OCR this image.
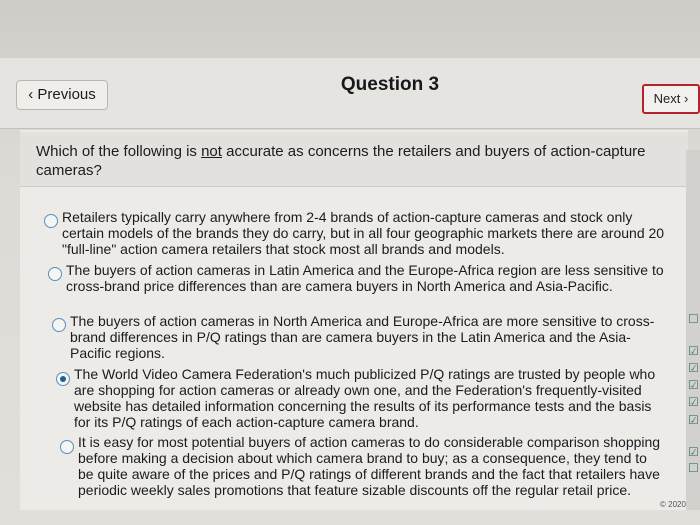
‹ Previous	Question 3
Next ›
Which of the following is not accurate as concerns the retailers and buyers of action-capture cameras?
Retailers typically carry anywhere from 2-4 brands of action-capture cameras and stock only certain models of the brands they do carry, but in all four geographic markets there are around 20 "full-line" action camera retailers that stock most all brands and models.
The buyers of action cameras in Latin America and the Europe-Africa region are less sensitive to cross-brand price differences than are camera buyers in North America and Asia-Pacific.
The buyers of action cameras in North America and Europe-Africa are more sensitive to cross-brand differences in P/Q ratings than are camera buyers in the Latin America and the Asia-Pacific regions.
The World Video Camera Federation's much publicized P/Q ratings are trusted by people who are shopping for action cameras or already own one, and the Federation's frequently-visited website has detailed information concerning the results of its performance tests and the basis for its P/Q ratings of each action-capture camera brand.
It is easy for most potential buyers of action cameras to do considerable comparison shopping before making a decision about which camera brand to buy; as a consequence, they tend to be quite aware of the prices and P/Q ratings of different brands and the fact that retailers have periodic weekly sales promotions that feature sizable discounts off the regular retail price.
☐
☑
☑
☑
☑
☑
☑
☐
© 2020
